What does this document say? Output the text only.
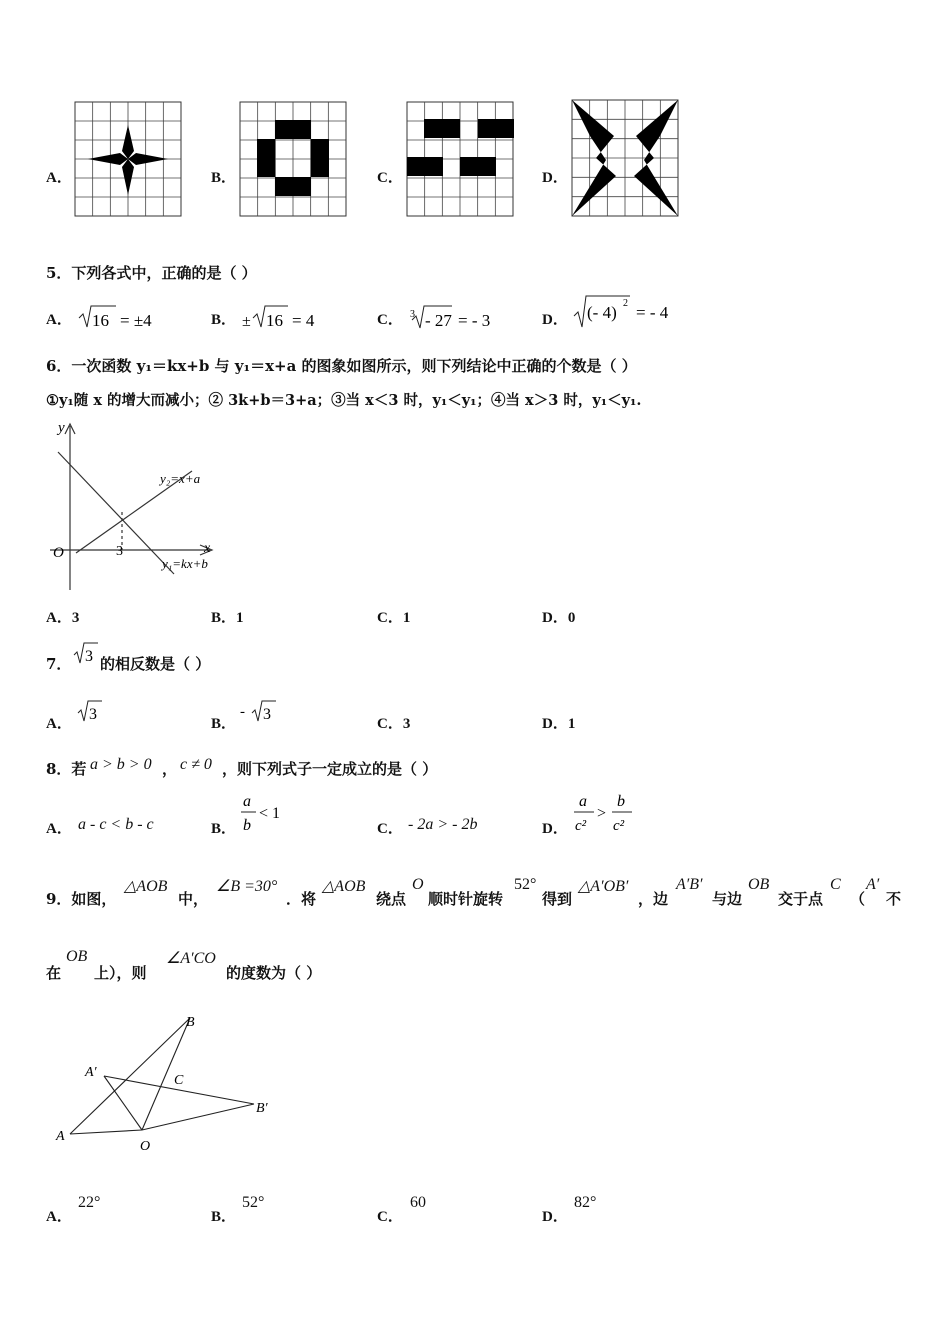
A．	B．	C．	D．
5．下列各式中，正确的是（ ）
A． 16 = ±4	B． ± 16 = 4	C． 3 - 27 = - 3	D． (- 4) 2 = - 4
6．一次函数 y₁＝kx+b 与 y₁＝x+a 的图象如图所示，则下列结论中正确的个数是（ ）
①y₁随 x 的增大而减小；② 3k+b＝3+a；③当 x＜3 时，y₁＜y₁；④当 x＞3 时，y₁＜y₁.
y
x
O	3
y₂=x+a
y₁=kx+b
A．3	B．1	C．1	D．0
7． 3 的相反数是（ ）
A．
3
B．
- 3
C．3	D．1
8．若 a > b > 0 ， c ≠ 0 ，则下列式子一定成立的是（ ）
A． a - c < b - c	B．
a
b
< 1
C． - 2a > - 2b	D．
a
c²
>
b
c²
9．如图，
△AOB
中，
∠B =30°
．将
△AOB
绕点
O
顺时针旋转
52°
得到
△A′OB′
，边
A′B′
与边
OB
交于点
C
（
A′
不
在
OB
上），则
∠A′CO
的度数为（ ）
B
A′
C
B′
A
O
A．
22°
B．
52°
C．
60
D．
82°
